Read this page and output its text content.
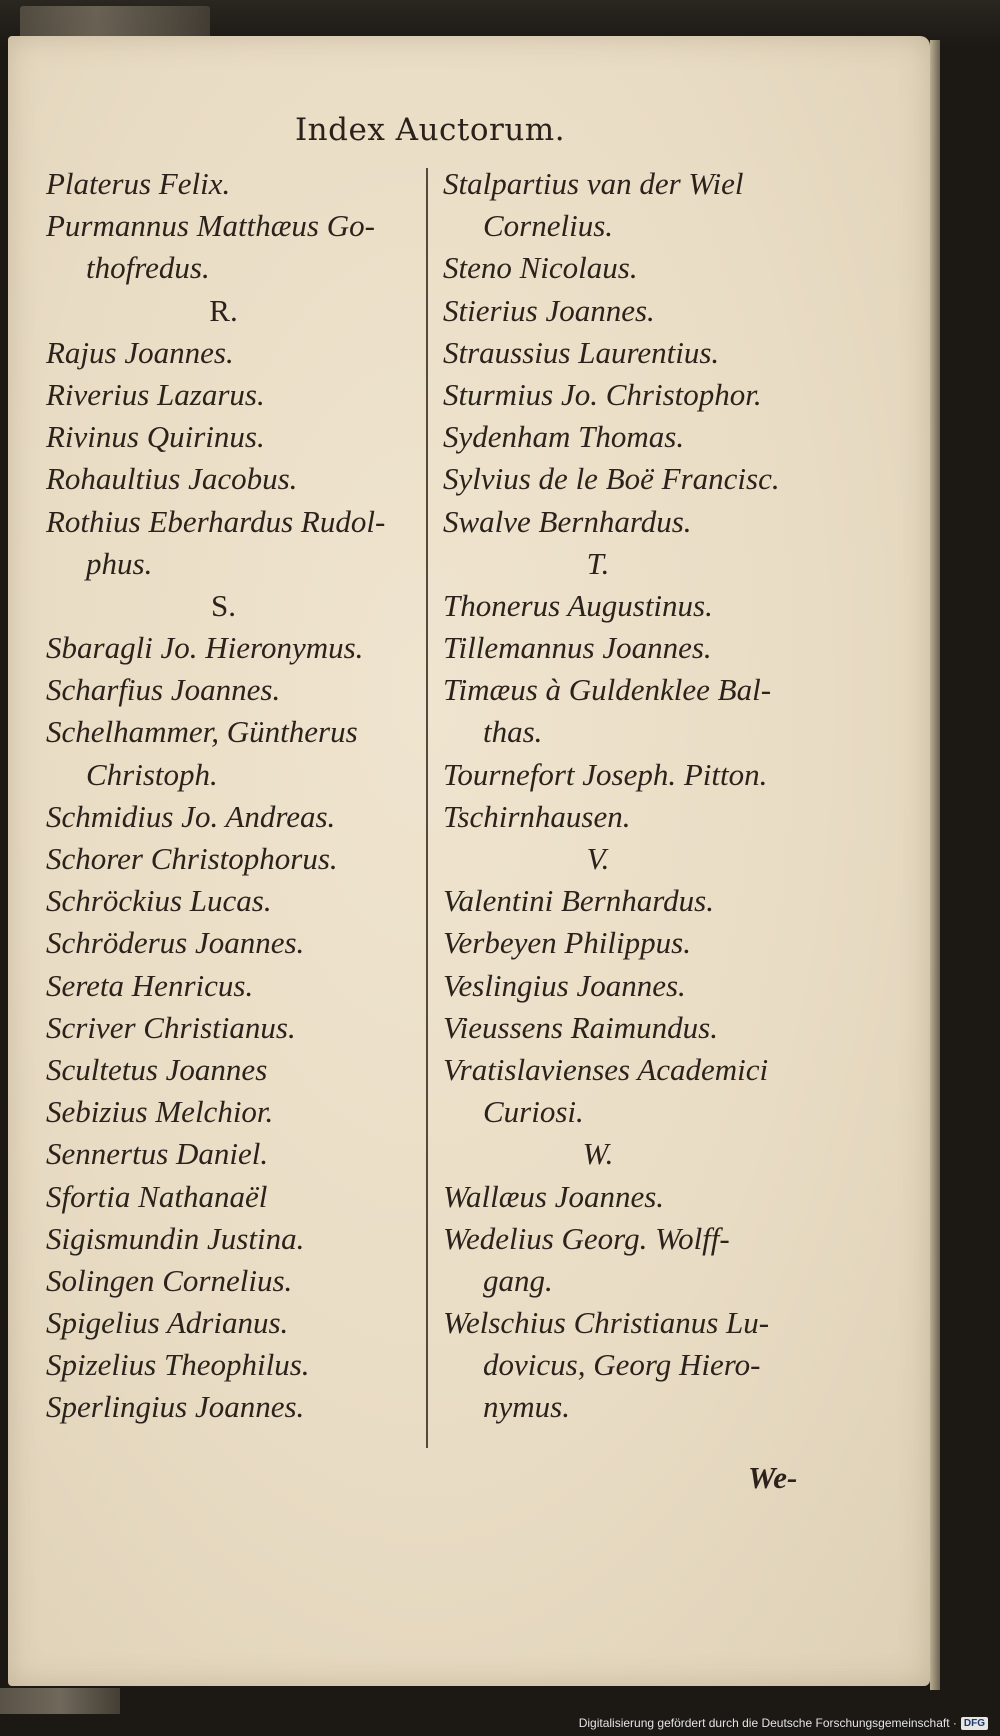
Index Auctorum.
Platerus Felix.
Purmannus Matthæus Go-
thofredus.
R.
Rajus Joannes.
Riverius Lazarus.
Rivinus Quirinus.
Rohaultius Jacobus.
Rothius Eberhardus Rudol-
phus.
S.
Sbaragli Jo. Hieronymus.
Scharfius Joannes.
Schelhammer, Güntherus
Christoph.
Schmidius Jo. Andreas.
Schorer Christophorus.
Schröckius Lucas.
Schröderus Joannes.
Sereta Henricus.
Scriver Christianus.
Scultetus Joannes
Sebizius Melchior.
Sennertus Daniel.
Sfortia Nathanaël
Sigismundin Justina.
Solingen Cornelius.
Spigelius Adrianus.
Spizelius Theophilus.
Sperlingius Joannes.
Stalpartius van der Wiel
Cornelius.
Steno Nicolaus.
Stierius Joannes.
Straussius Laurentius.
Sturmius Jo. Christophor.
Sydenham Thomas.
Sylvius de le Boë Francisc.
Swalve Bernhardus.
T.
Thonerus Augustinus.
Tillemannus Joannes.
Timæus à Guldenklee Bal-
thas.
Tournefort Joseph. Pitton.
Tschirnhausen.
V.
Valentini Bernhardus.
Verbeyen Philippus.
Veslingius Joannes.
Vieussens Raimundus.
Vratislavienses Academici
Curiosi.
W.
Wallæus Joannes.
Wedelius Georg. Wolff-
gang.
Welschius Christianus Lu-
dovicus, Georg Hiero-
nymus.
We-
Digitalisierung gefördert durch die Deutsche Forschungsgemeinschaft · DFG
